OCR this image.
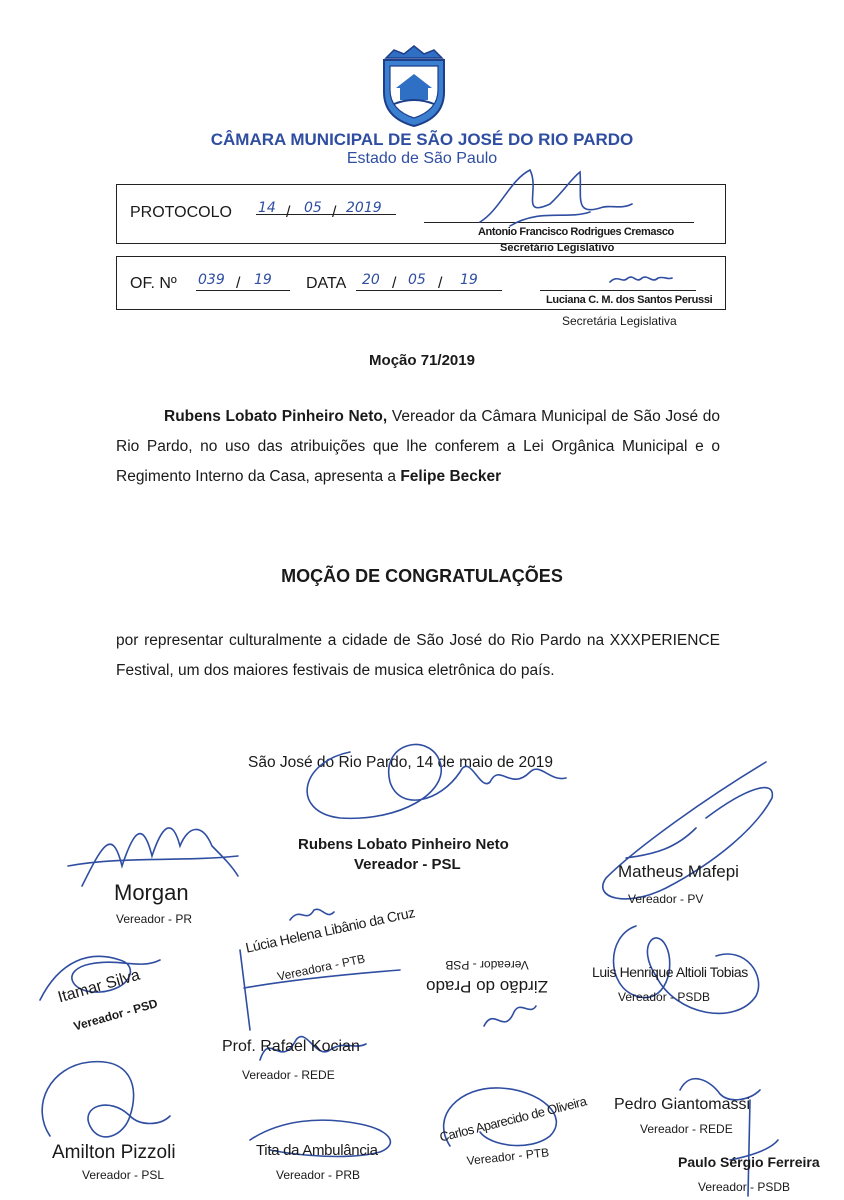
CÂMARA MUNICIPAL DE SÃO JOSÉ DO RIO PARDO
Estado de São Paulo
PROTOCOLO 14 / 05 / 2019
Antonio Francisco Rodrigues Cremasco
Secretário Legislativo
OF. Nº 039 / 19 DATA 20 / 05 / 19
Luciana C. M. dos Santos Perussi
Secretária Legislativa
Moção 71/2019
Rubens Lobato Pinheiro Neto, Vereador da Câmara Municipal de São José do Rio Pardo, no uso das atribuições que lhe conferem a Lei Orgânica Municipal e o Regimento Interno da Casa, apresenta a Felipe Becker
MOÇÃO DE CONGRATULAÇÕES
por representar culturalmente a cidade de São José do Rio Pardo na XXXPERIENCE Festival, um dos maiores festivais de musica eletrônica do país.
São José do Rio Pardo, 14 de maio de 2019
Rubens Lobato Pinheiro Neto
Vereador - PSL
Morgan
Vereador - PR
Matheus Mafepi
Vereador - PV
Lúcia Helena Libânio da Cruz
Vereadora - PTB
Itamar Silva
Vereador - PSD
Vereador - PSB
Zirdão do Prado
Luis Henrique Altioli Tobias
Vereador - PSDB
Prof. Rafael Kocian
Vereador - REDE
Pedro Giantomassi
Vereador - REDE
Amilton Pizzoli
Vereador - PSL
Tita da Ambulância
Vereador - PRB
Carlos Aparecido de Oliveira
Vereador - PTB	Paulo Sérgio Ferreira
Vereador - PSDB
